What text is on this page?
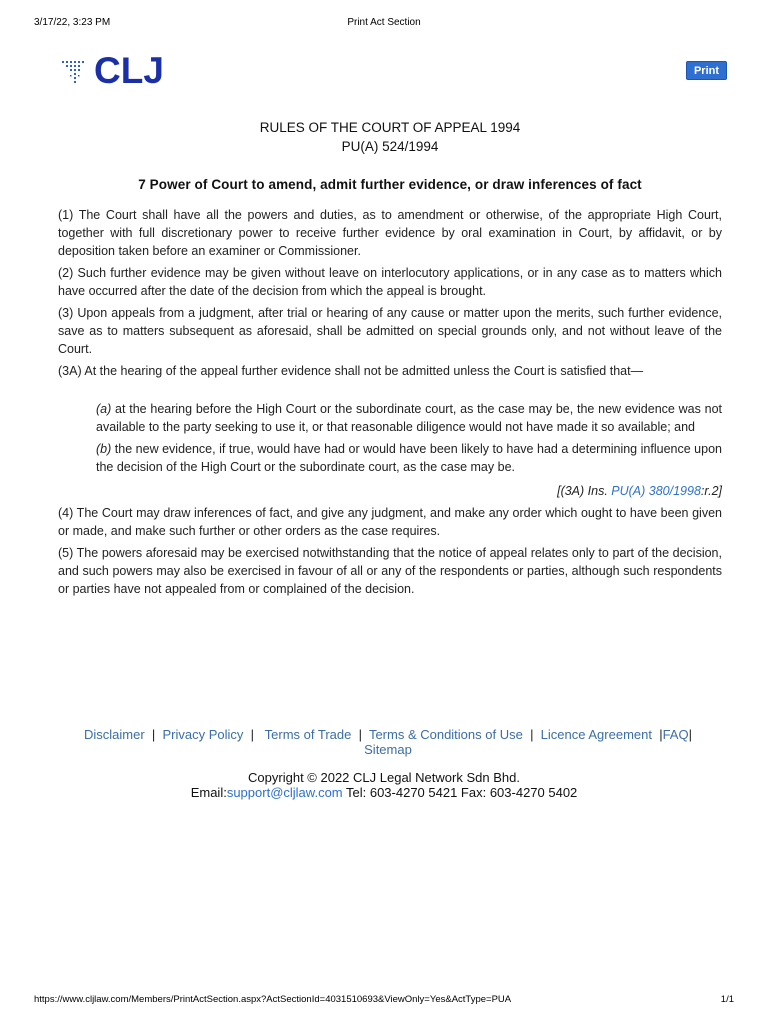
3/17/22, 3:23 PM	Print Act Section
CLJ	Print

RULES OF THE COURT OF APPEAL 1994

PU(A) 524/1994

7 Power of Court to amend, admit further evidence, or draw inferences of fact

(1) The Court shall have all the powers and duties, as to amendment or otherwise, of the appropriate High Court, together with full discretionary power to receive further evidence by oral examination in Court, by affidavit, or by deposition taken before an examiner or Commissioner.

(2) Such further evidence may be given without leave on interlocutory applications, or in any case as to matters which have occurred after the date of the decision from which the appeal is brought.

(3) Upon appeals from a judgment, after trial or hearing of any cause or matter upon the merits, such further evidence, save as to matters subsequent as aforesaid, shall be admitted on special grounds only, and not without leave of the Court.

(3A) At the hearing of the appeal further evidence shall not be admitted unless the Court is satisfied that—

(a) at the hearing before the High Court or the subordinate court, as the case may be, the new evidence was not available to the party seeking to use it, or that reasonable diligence would not have made it so available; and

(b) the new evidence, if true, would have had or would have been likely to have had a determining influence upon the decision of the High Court or the subordinate court, as the case may be.

[(3A) Ins. PU(A) 380/1998:r.2]

(4) The Court may draw inferences of fact, and give any judgment, and make any order which ought to have been given or made, and make such further or other orders as the case requires.

(5) The powers aforesaid may be exercised notwithstanding that the notice of appeal relates only to part of the decision, and such powers may also be exercised in favour of all or any of the respondents or parties, although such respondents or parties have not appealed from or complained of the decision.

Disclaimer  |  Privacy Policy  |   Terms of Trade  |  Terms & Conditions of Use  |  Licence Agreement  |FAQ|
Sitemap
Copyright © 2022 CLJ Legal Network Sdn Bhd.
Email:support@cljlaw.com Tel: 603-4270 5421 Fax: 603-4270 5402
https://www.cljlaw.com/Members/PrintActSection.aspx?ActSectionId=4031510693&ViewOnly=Yes&ActType=PUA	1/1
